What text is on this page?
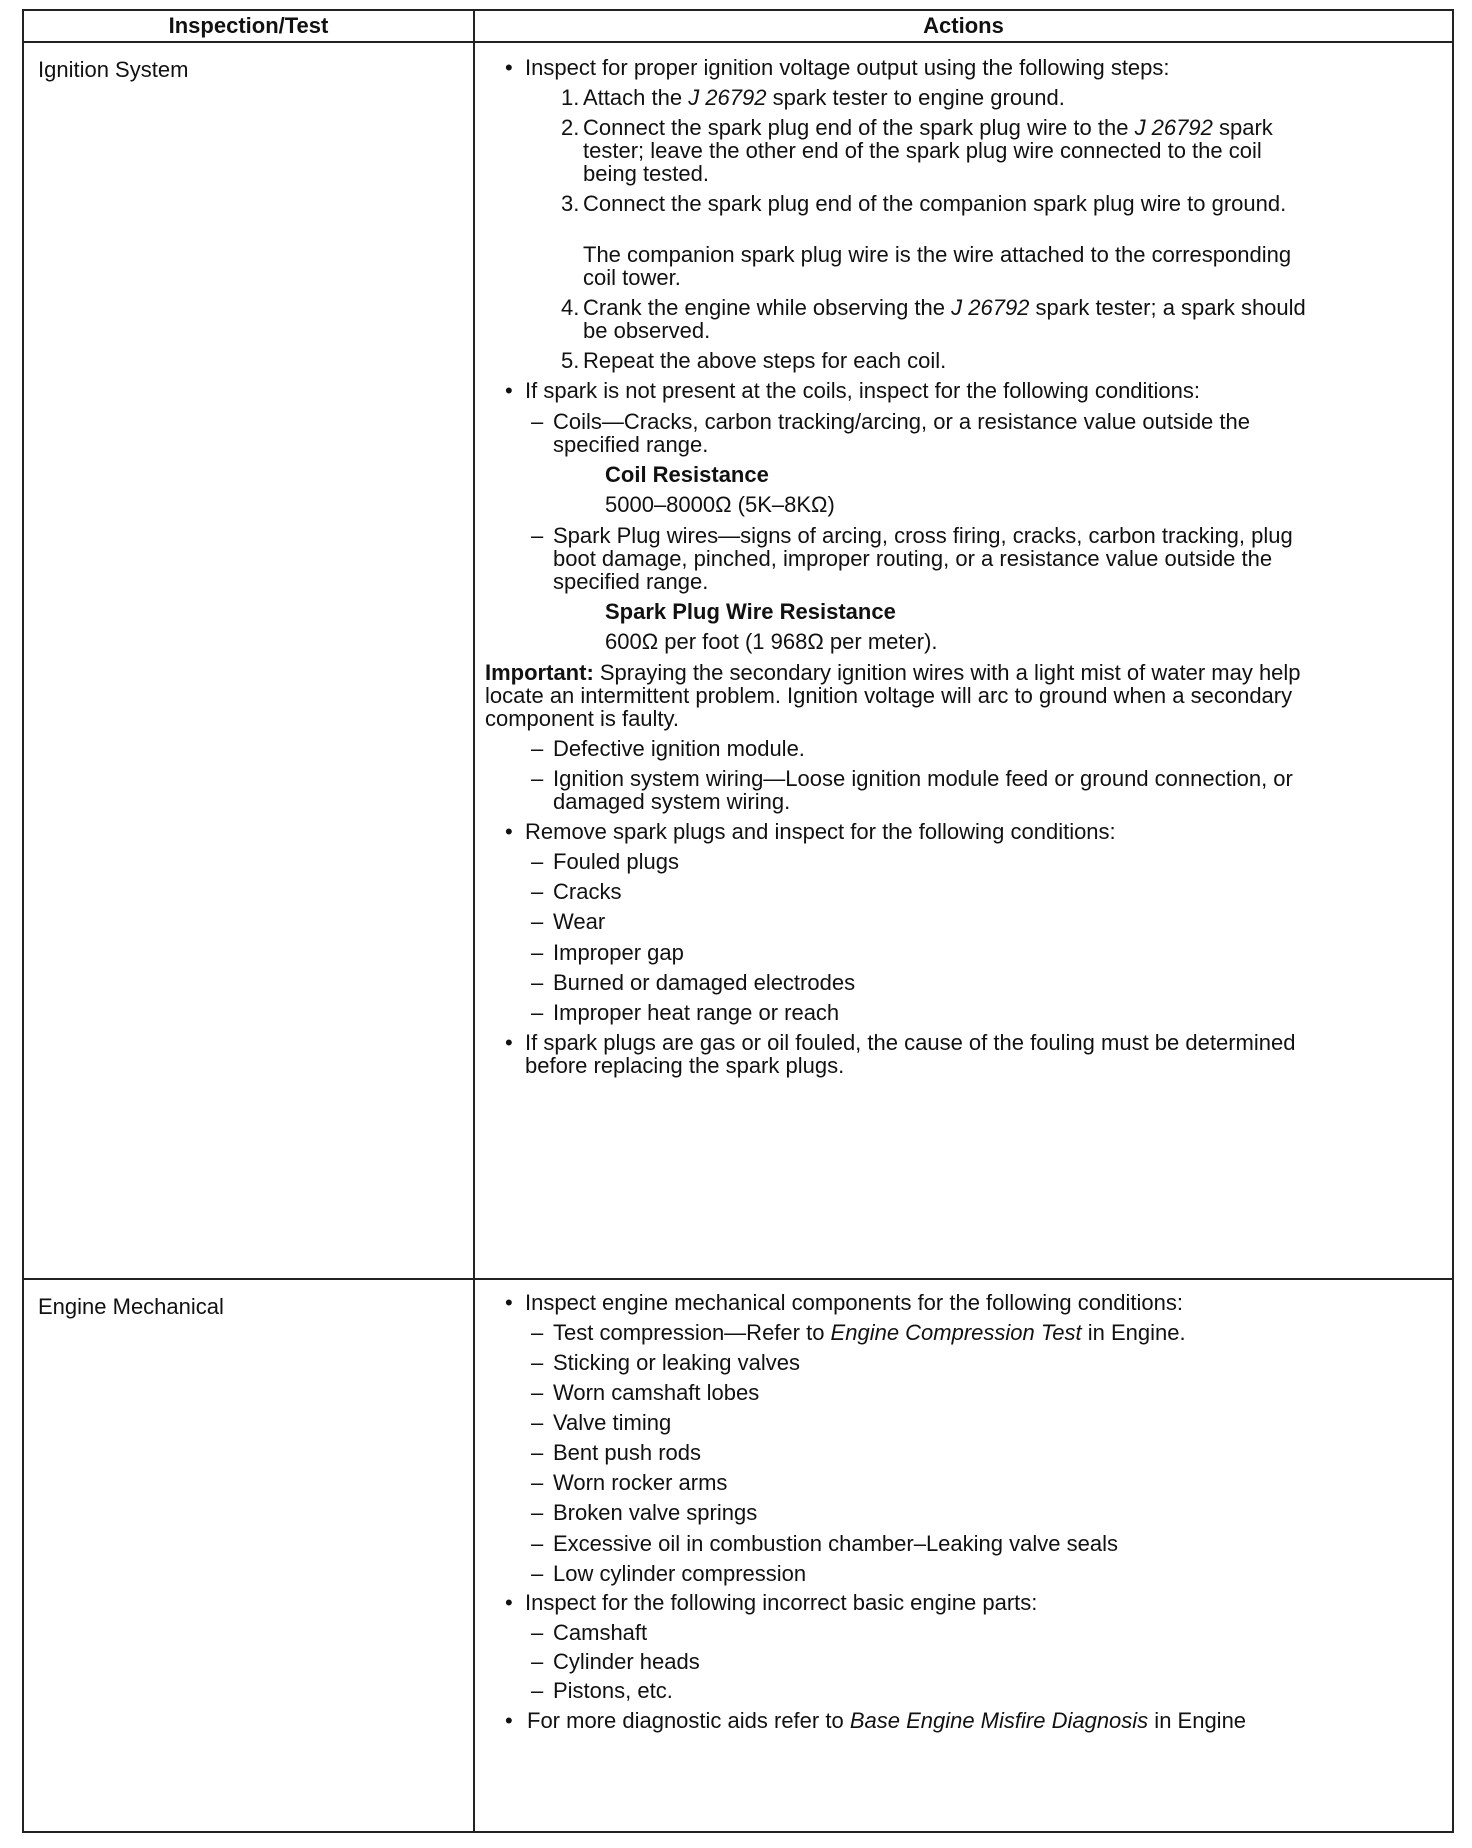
Inspection/Test	Actions
Ignition System	• Inspect for proper ignition voltage output using the following steps:
1. Attach the J 26792 spark tester to engine ground.
2. Connect the spark plug end of the spark plug wire to the J 26792 spark
tester; leave the other end of the spark plug wire connected to the coil
being tested.
3. Connect the spark plug end of the companion spark plug wire to ground.
The companion spark plug wire is the wire attached to the corresponding
coil tower.
4. Crank the engine while observing the J 26792 spark tester; a spark should
be observed.
5. Repeat the above steps for each coil.
• If spark is not present at the coils, inspect for the following conditions:
– Coils—Cracks, carbon tracking/arcing, or a resistance value outside the
specified range.
Coil Resistance
5000–8000Ω (5K–8KΩ)
– Spark Plug wires—signs of arcing, cross firing, cracks, carbon tracking, plug
boot damage, pinched, improper routing, or a resistance value outside the
specified range.
Spark Plug Wire Resistance
600Ω per foot (1 968Ω per meter).
Important: Spraying the secondary ignition wires with a light mist of water may help
locate an intermittent problem. Ignition voltage will arc to ground when a secondary
component is faulty.
– Defective ignition module.
– Ignition system wiring—Loose ignition module feed or ground connection, or
damaged system wiring.
• Remove spark plugs and inspect for the following conditions:
– Fouled plugs
– Cracks
– Wear
– Improper gap
– Burned or damaged electrodes
– Improper heat range or reach
• If spark plugs are gas or oil fouled, the cause of the fouling must be determined
before replacing the spark plugs.
Engine Mechanical	• Inspect engine mechanical components for the following conditions:
– Test compression—Refer to Engine Compression Test in Engine.
– Sticking or leaking valves
– Worn camshaft lobes
– Valve timing
– Bent push rods
– Worn rocker arms
– Broken valve springs
– Excessive oil in combustion chamber–Leaking valve seals
– Low cylinder compression
• Inspect for the following incorrect basic engine parts:
– Camshaft
– Cylinder heads
– Pistons, etc.
• For more diagnostic aids refer to Base Engine Misfire Diagnosis in Engine
